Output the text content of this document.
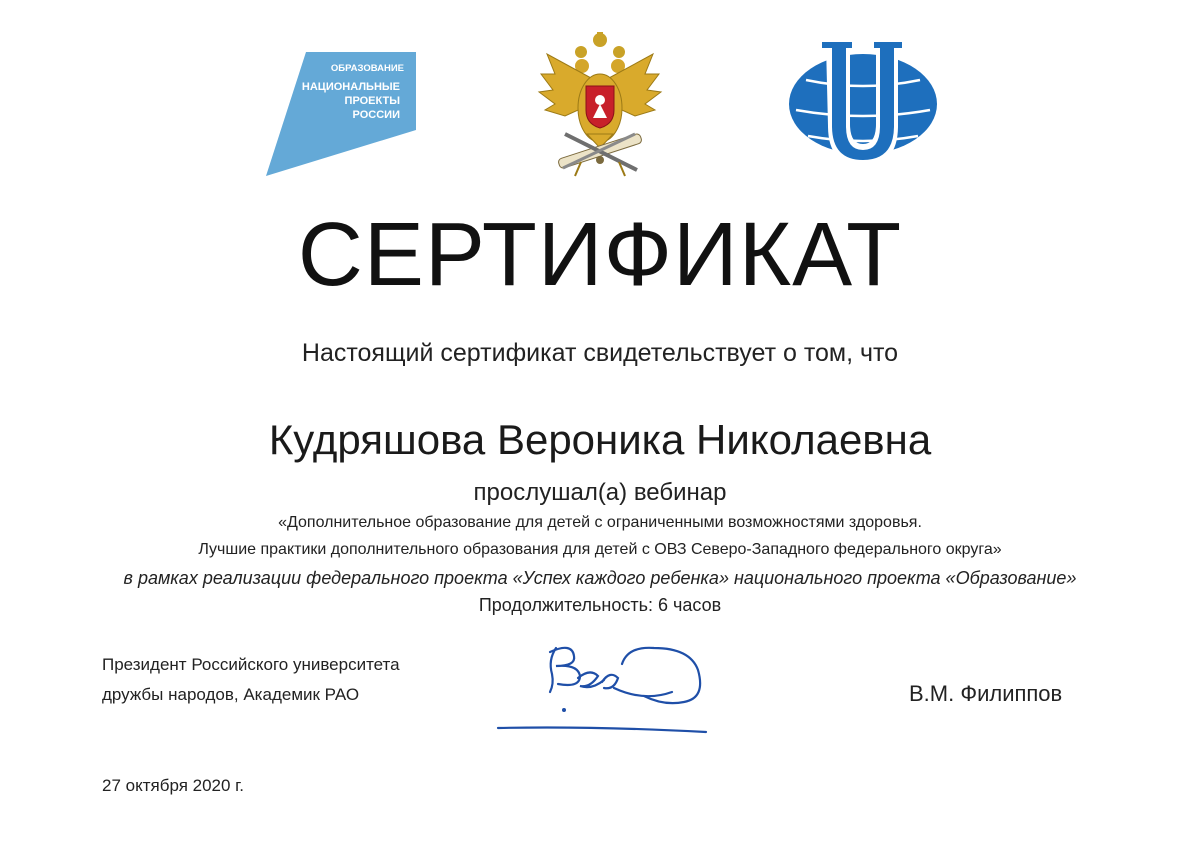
ОБРАЗОВАНИЕ
НАЦИОНАЛЬНЫЕ
ПРОЕКТЫ
РОССИИ
СЕРТИФИКАТ
Настоящий сертификат свидетельствует о том, что
Кудряшова Вероника Николаевна
прослушал(а) вебинар
«Дополнительное образование для детей с ограниченными возможностями здоровья.
Лучшие практики дополнительного образования для детей с ОВЗ Северо-Западного федерального округа»
в рамках реализации федерального проекта «Успех каждого ребенка» национального проекта «Образование»
Продолжительность: 6 часов
Президент Российского университета
дружбы народов, Академик РАО	В.М. Филиппов
27 октября 2020 г.
